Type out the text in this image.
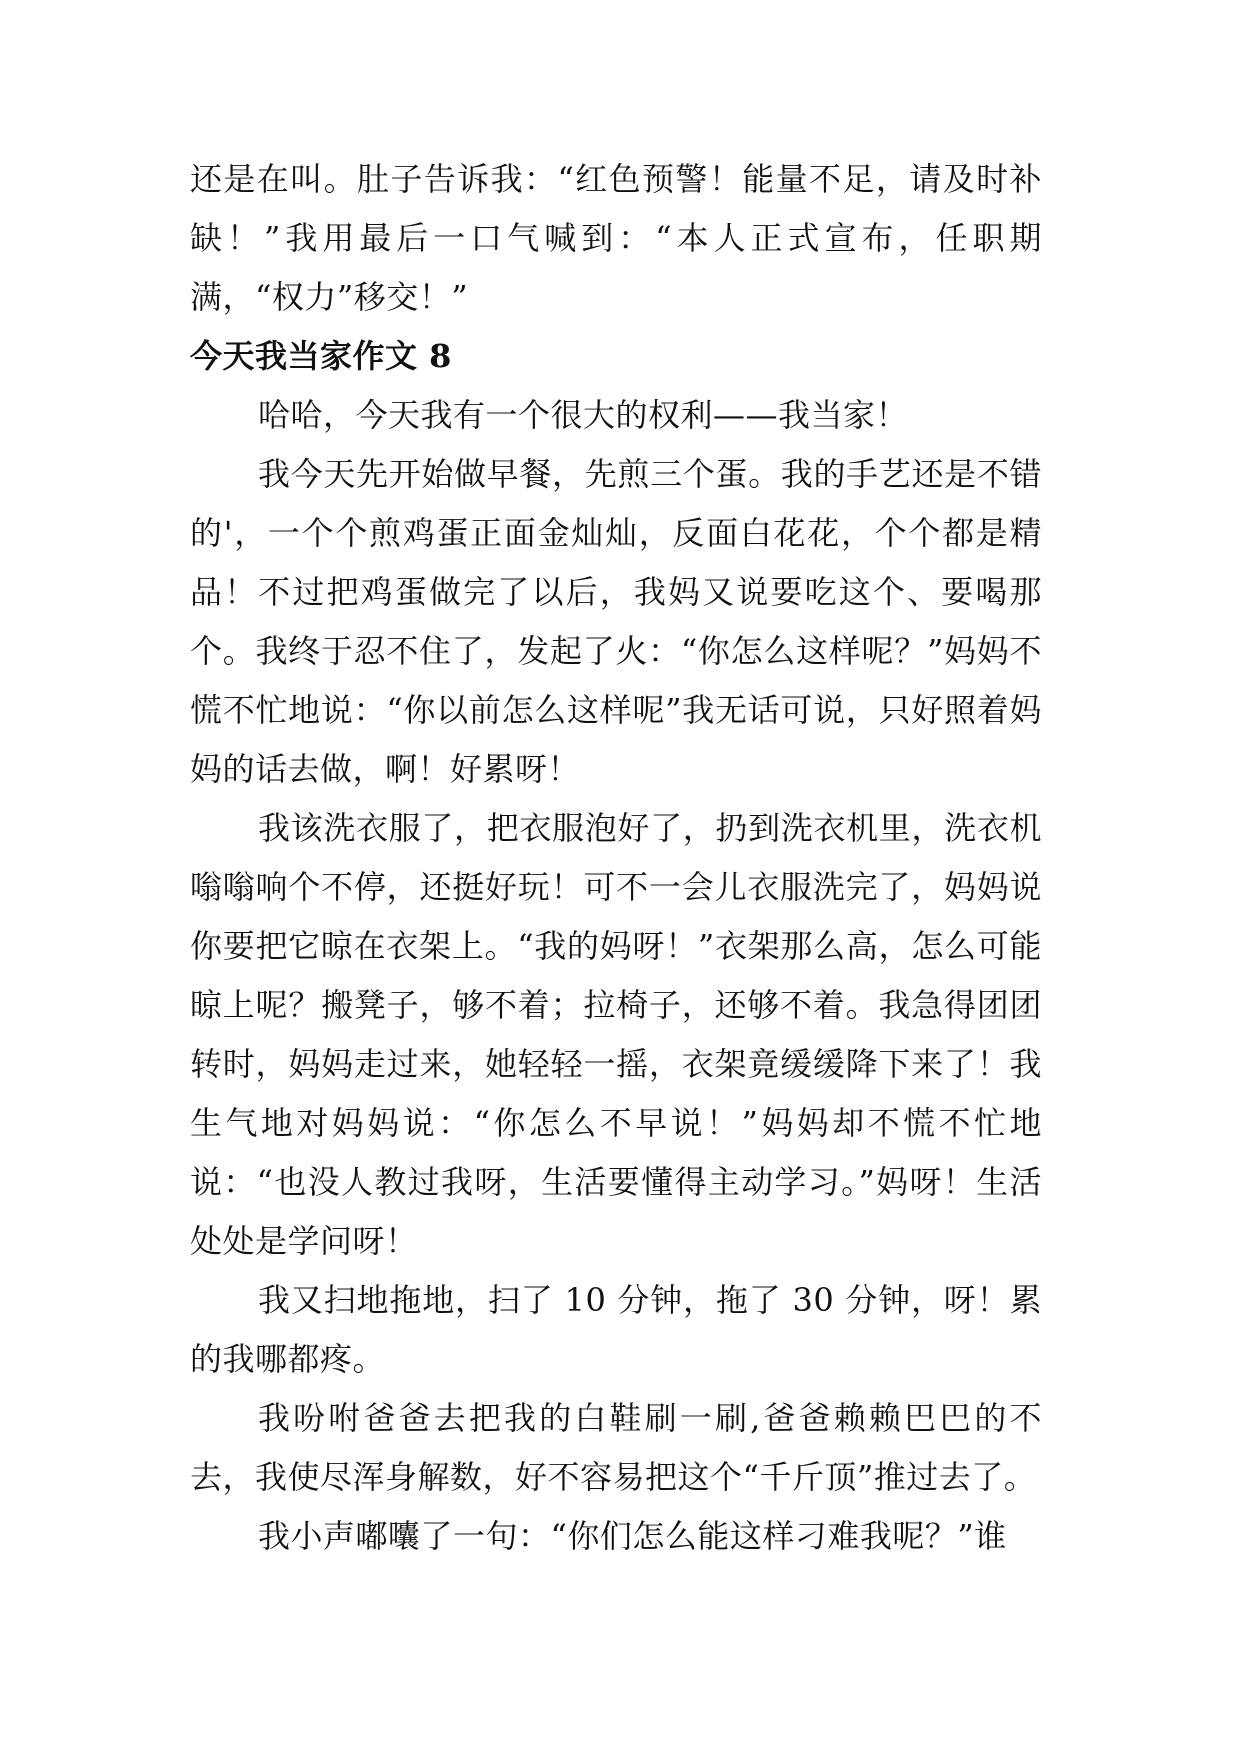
还是在叫。肚子告诉我：“红色预警！能量不足，请及时补缺！”我用最后一口气喊到：“本人正式宣布，任职期满，“权力”移交！”

今天我当家作文 8

哈哈，今天我有一个很大的权利——我当家！

我今天先开始做早餐，先煎三个蛋。我的手艺还是不错的'，一个个煎鸡蛋正面金灿灿，反面白花花，个个都是精品！不过把鸡蛋做完了以后，我妈又说要吃这个、要喝那个。我终于忍不住了，发起了火：“你怎么这样呢？”妈妈不慌不忙地说：“你以前怎么这样呢”我无话可说，只好照着妈妈的话去做，啊！好累呀！

我该洗衣服了，把衣服泡好了，扔到洗衣机里，洗衣机嗡嗡响个不停，还挺好玩！可不一会儿衣服洗完了，妈妈说你要把它晾在衣架上。“我的妈呀！”衣架那么高，怎么可能晾上呢？搬凳子，够不着；拉椅子，还够不着。我急得团团转时，妈妈走过来，她轻轻一摇，衣架竟缓缓降下来了！我生气地对妈妈说：“你怎么不早说！”妈妈却不慌不忙地说：“也没人教过我呀，生活要懂得主动学习。”妈呀！生活处处是学问呀！

我又扫地拖地，扫了 10 分钟，拖了 30 分钟，呀！累的我哪都疼。

我吩咐爸爸去把我的白鞋刷一刷,爸爸赖赖巴巴的不去，我使尽浑身解数，好不容易把这个“千斤顶”推过去了。

我小声嘟囔了一句：“你们怎么能这样刁难我呢？”谁
